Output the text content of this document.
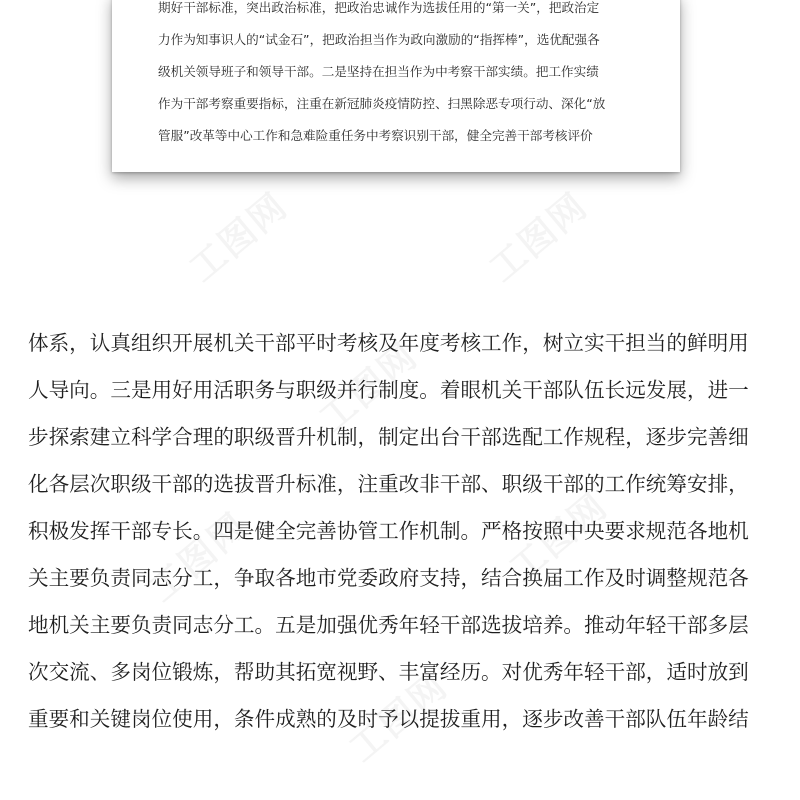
期好干部标准，突出政治标准，把政治忠诚作为选拔任用的“第一关”，把政治定
力作为知事识人的“试金石”，把政治担当作为政向激励的“指挥棒”，选优配强各
级机关领导班子和领导干部。二是坚持在担当作为中考察干部实绩。把工作实绩
作为干部考察重要指标，注重在新冠肺炎疫情防控、扫黑除恶专项行动、深化“放
管服”改革等中心工作和急难险重任务中考察识别干部，健全完善干部考核评价
工图网	工图网
工图网
工图网
工图网
工图网
体系，认真组织开展机关干部平时考核及年度考核工作，树立实干担当的鲜明用
人导向。三是用好用活职务与职级并行制度。着眼机关干部队伍长远发展，进一
步探索建立科学合理的职级晋升机制，制定出台干部选配工作规程，逐步完善细
化各层次职级干部的选拔晋升标准，注重改非干部、职级干部的工作统筹安排，
积极发挥干部专长。四是健全完善协管工作机制。严格按照中央要求规范各地机
关主要负责同志分工，争取各地市党委政府支持，结合换届工作及时调整规范各
地机关主要负责同志分工。五是加强优秀年轻干部选拔培养。推动年轻干部多层
次交流、多岗位锻炼，帮助其拓宽视野、丰富经历。对优秀年轻干部，适时放到
重要和关键岗位使用，条件成熟的及时予以提拔重用，逐步改善干部队伍年龄结
